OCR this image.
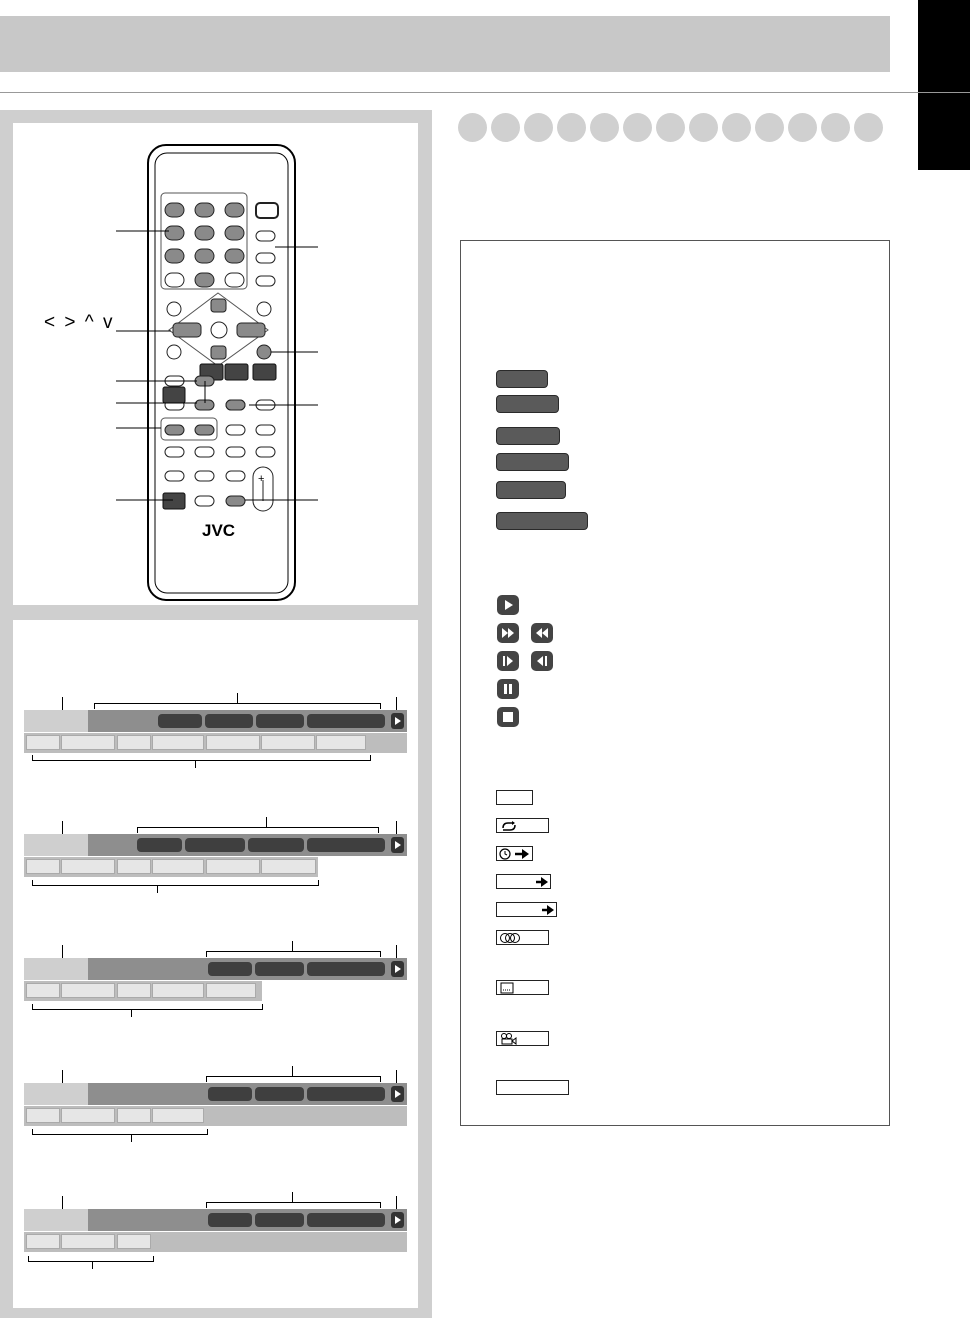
JVC
+
< > ^ v
